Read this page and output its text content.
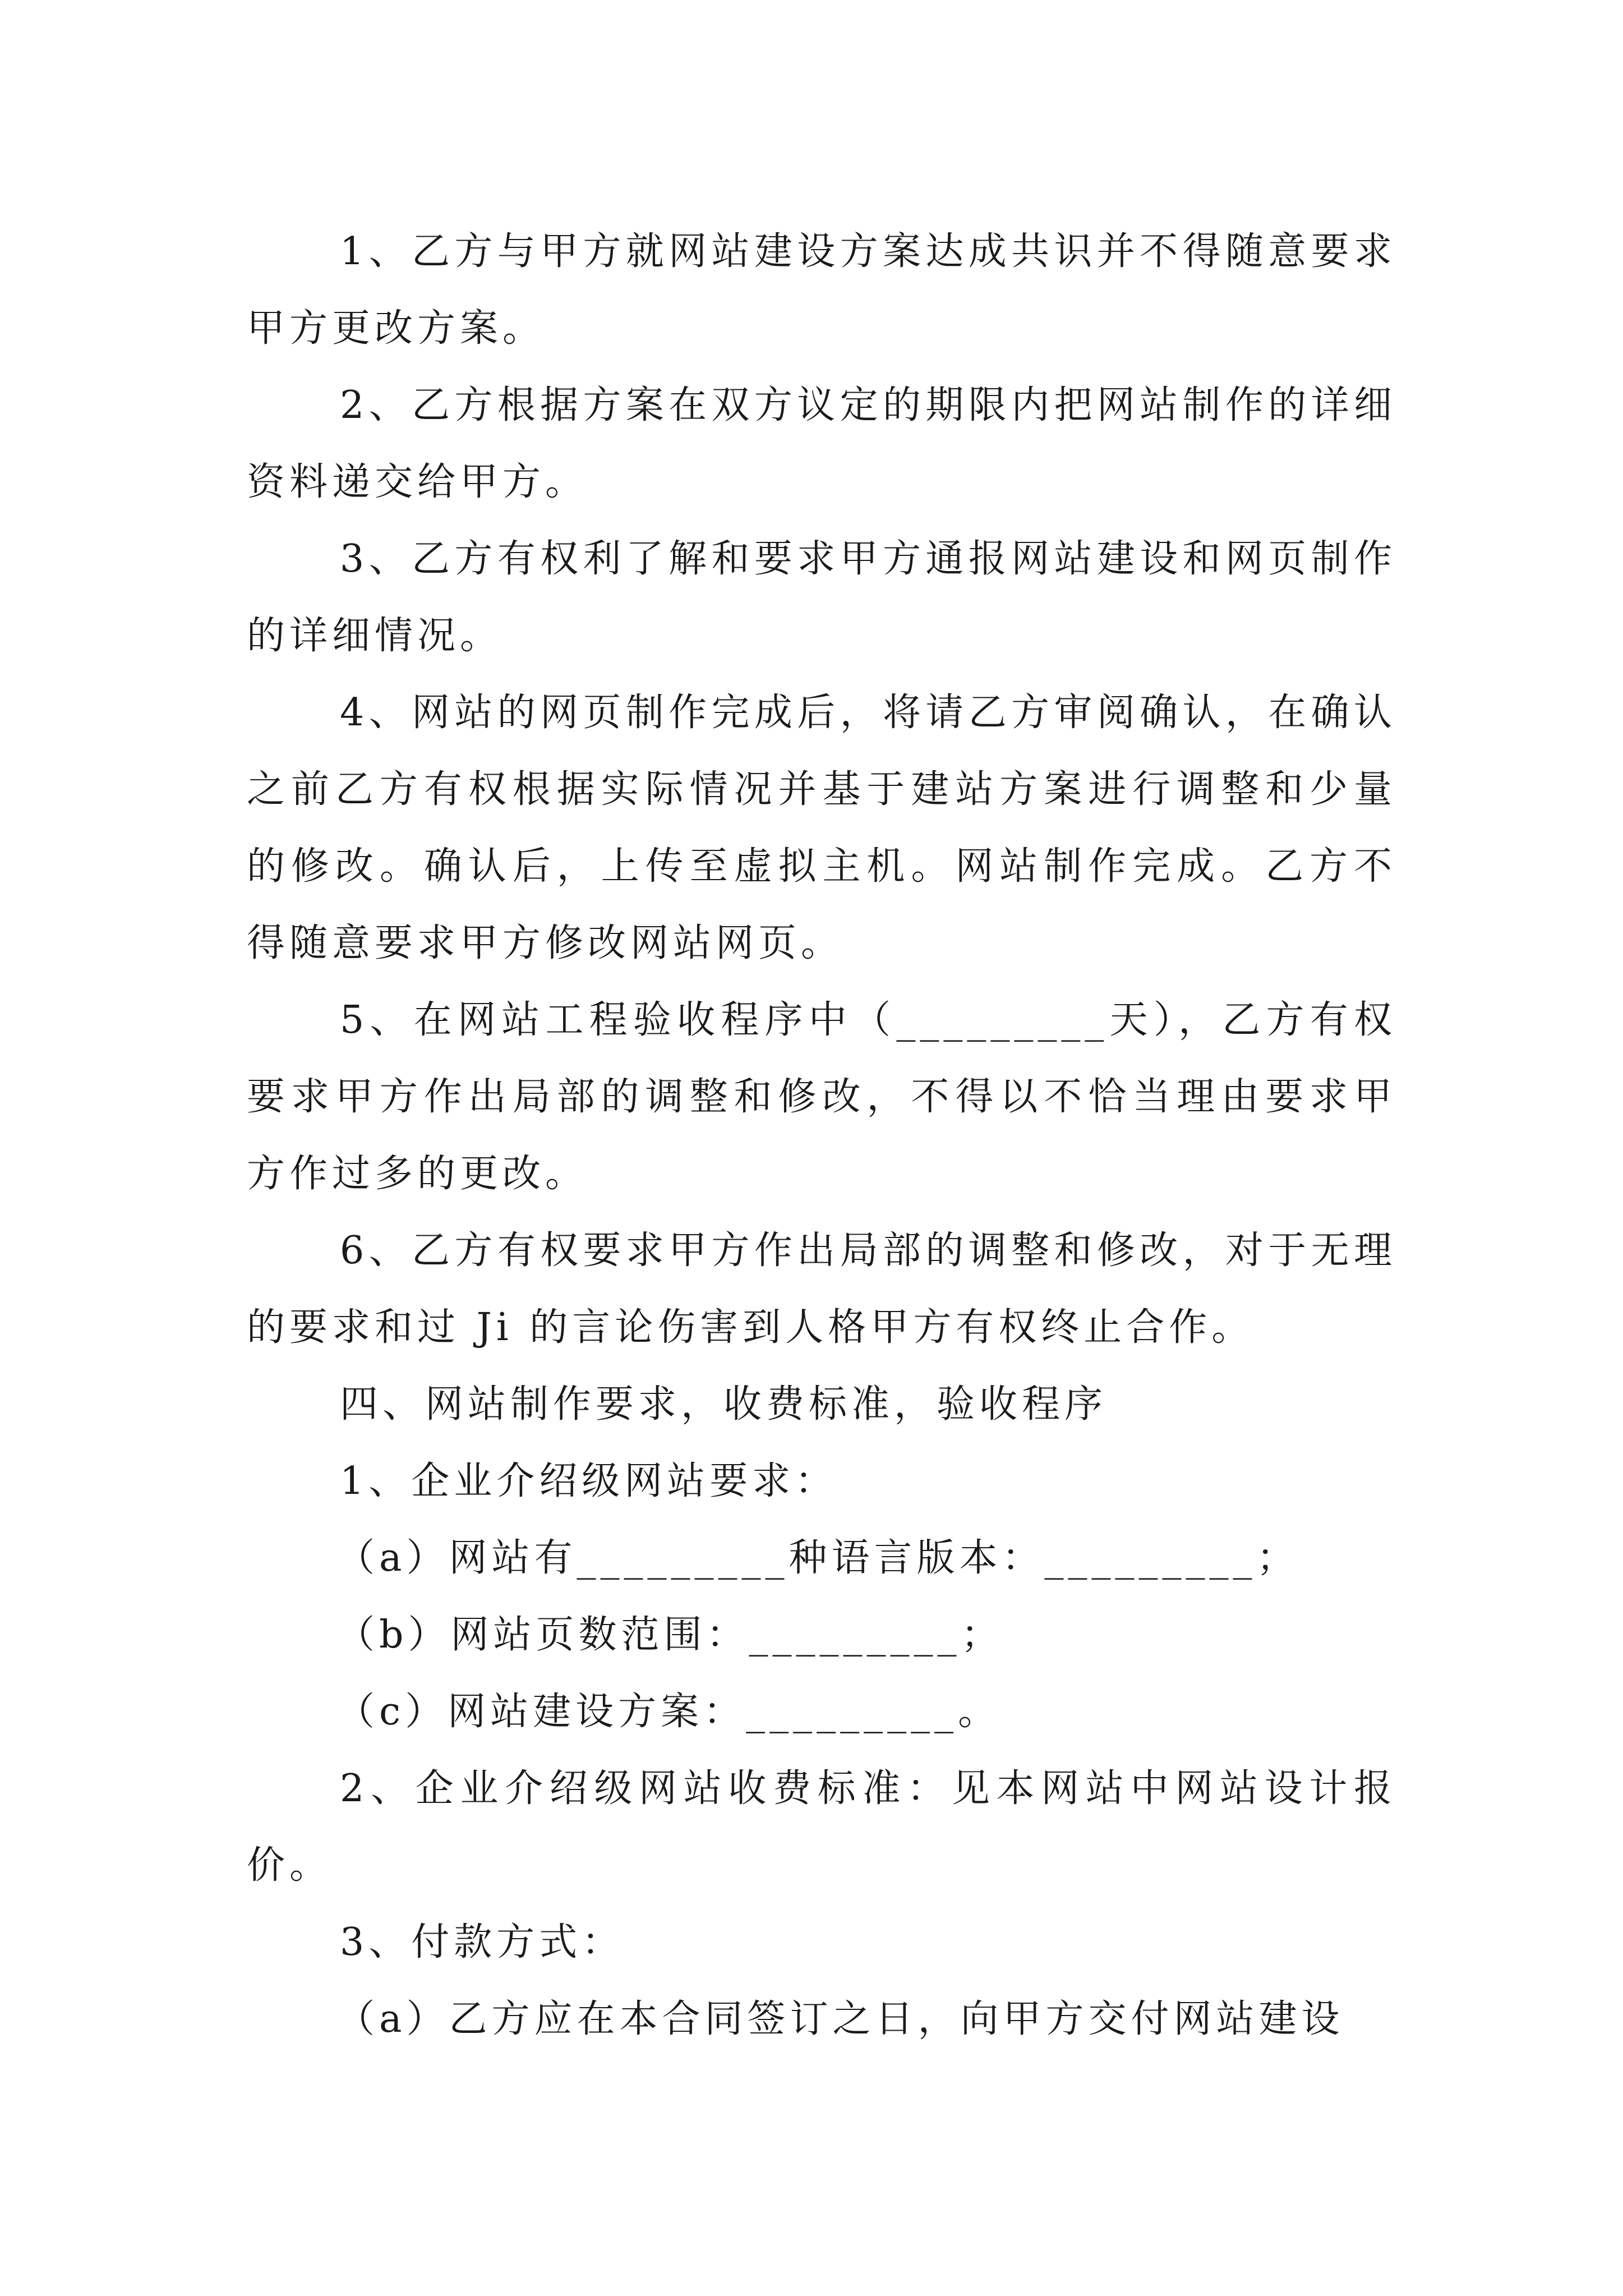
1、乙方与甲方就网站建设方案达成共识并不得随意要求甲方更改方案。

2、乙方根据方案在双方议定的期限内把网站制作的详细资料递交给甲方。

3、乙方有权利了解和要求甲方通报网站建设和网页制作的详细情况。

4、网站的网页制作完成后，将请乙方审阅确认，在确认之前乙方有权根据实际情况并基于建站方案进行调整和少量的修改。确认后，上传至虚拟主机。网站制作完成。乙方不得随意要求甲方修改网站网页。

5、在网站工程验收程序中（_________天），乙方有权要求甲方作出局部的调整和修改，不得以不恰当理由要求甲方作过多的更改。

6、乙方有权要求甲方作出局部的调整和修改，对于无理的要求和过 Ji 的言论伤害到人格甲方有权终止合作。

四、网站制作要求，收费标准，验收程序

1、企业介绍级网站要求：

（a）网站有_________种语言版本：_________；

（b）网站页数范围：_________；

（c）网站建设方案：_________。

2、企业介绍级网站收费标准：见本网站中网站设计报价。

3、付款方式：

（a）乙方应在本合同签订之日，向甲方交付网站建设
